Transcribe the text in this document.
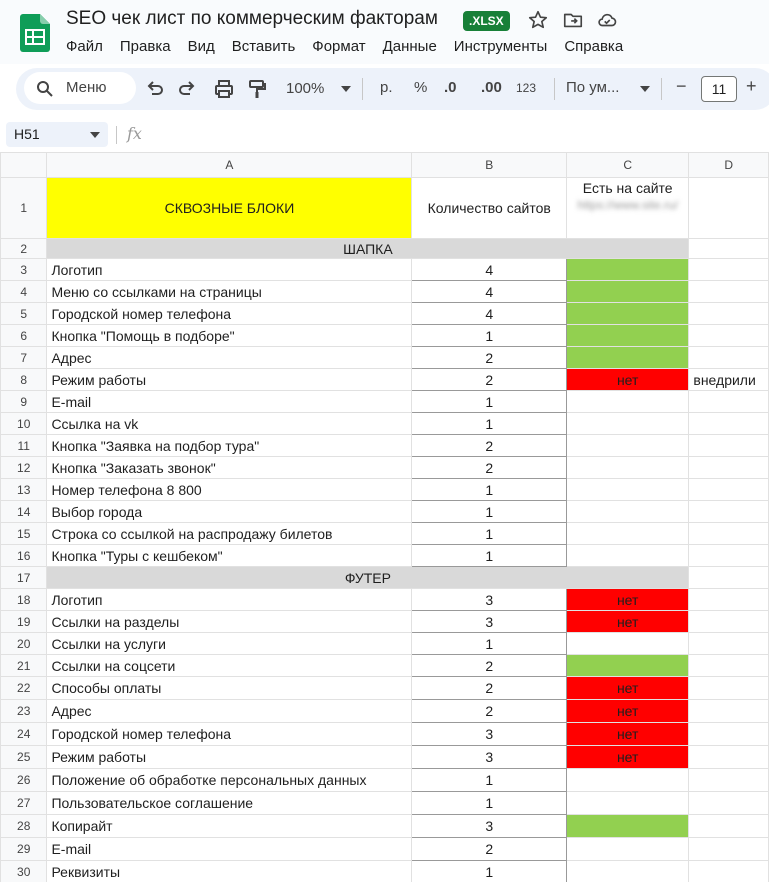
SEO чек лист по коммерческим факторам	.XLSX
Файл Правка Вид Вставить Формат Данные Инструменты Справка
Меню	100%	р. % .0 .00 123 По ум...	−	11	+
H51	fx
	A	B	C	D
1	СКВОЗНЫЕ БЛОКИ	Количество сайтов	Есть на сайте
https://www.site.ru/	

2	ШАПКА			
3	Логотип	4		
4	Меню со ссылками на страницы	4		
5	Городской номер телефона	4		
6	Кнопка "Помощь в подборе"	1		
7	Адрес	2		
8	Режим работы	2	нет	внедрили
9	E-mail	1		
10	Ссылка на vk	1		
11	Кнопка "Заявка на подбор тура"	2		
12	Кнопка "Заказать звонок"	2		
13	Номер телефона 8 800	1		
14	Выбор города	1		
15	Строка со ссылкой на распродажу билетов	1		
16	Кнопка "Туры с кешбеком"	1		
17	ФУТЕР			
18	Логотип	3	нет	
19	Ссылки на разделы	3	нет	
20	Ссылки на услуги	1		
21	Ссылки на соцсети	2		
22	Способы оплаты	2	нет	
23	Адрес	2	нет	
24	Городской номер телефона	3	нет	
25	Режим работы	3	нет	
26	Положение об обработке персональных данных	1		
27	Пользовательское соглашение	1		
28	Копирайт	3		
29	E-mail	2		
30	Реквизиты	1		
